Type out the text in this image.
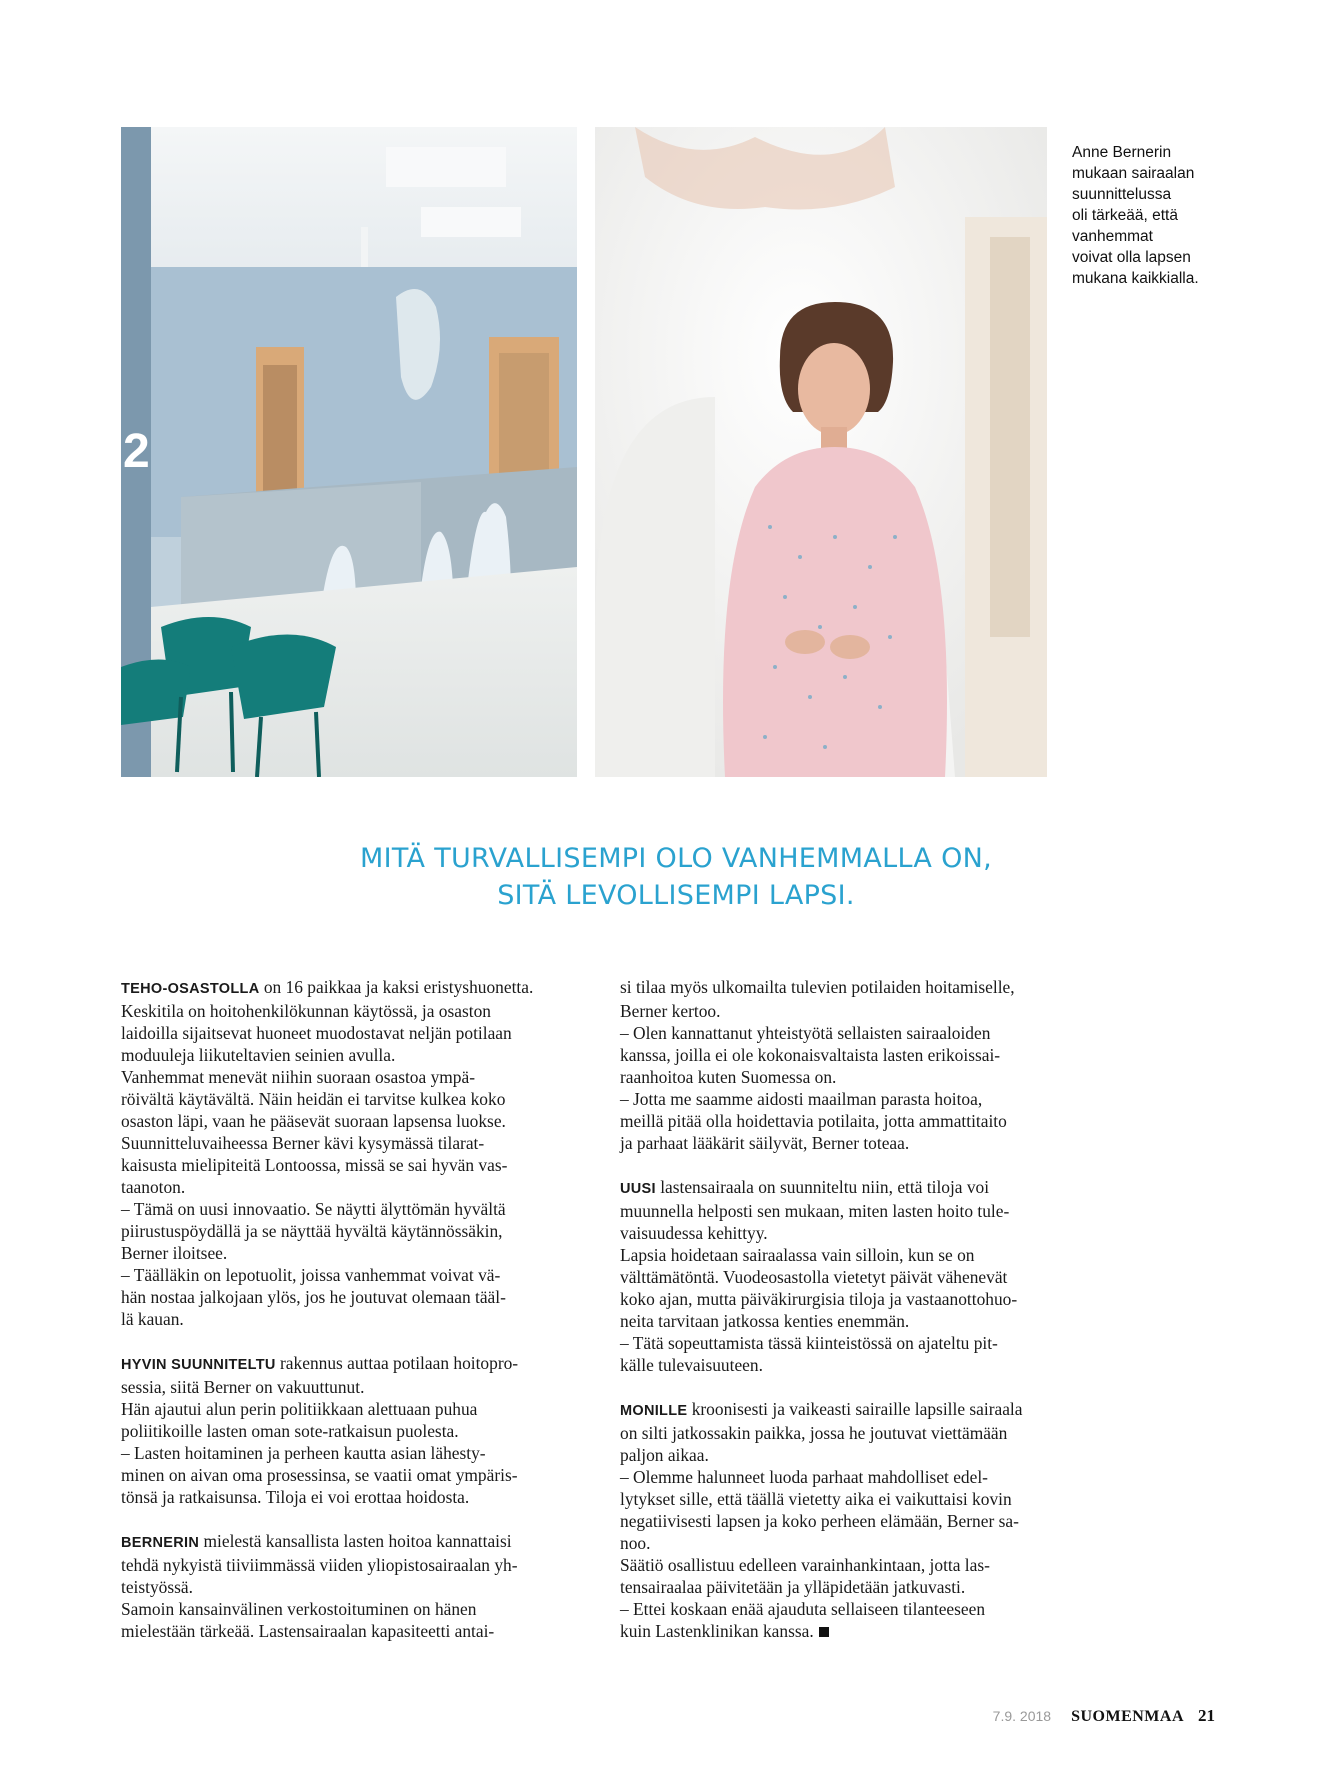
2
Anne Bernerin
mukaan sairaalan
suunnittelussa
oli tärkeää, että
vanhemmat
voivat olla lapsen
mukana kaikkialla.
MITÄ TURVALLISEMPI OLO VANHEMMALLA ON,
SITÄ LEVOLLISEMPI LAPSI.

TEHO-OSASTOLLA on 16 paikkaa ja kaksi eristyshuonetta.
Keskitila on hoitohenkilökunnan käytössä, ja osaston
laidoilla sijaitsevat huoneet muodostavat neljän potilaan
moduuleja liikuteltavien seinien avulla.
Vanhemmat menevät niihin suoraan osastoa ympä-
röivältä käytävältä. Näin heidän ei tarvitse kulkea koko
osaston läpi, vaan he pääsevät suoraan lapsensa luokse.
Suunnitteluvaiheessa Berner kävi kysymässä tilarat-
kaisusta mielipiteitä Lontoossa, missä se sai hyvän vas-
taanoton.
– Tämä on uusi innovaatio. Se näytti älyttömän hyvältä
piirustuspöydällä ja se näyttää hyvältä käytännössäkin,
Berner iloitsee.
– Täälläkin on lepotuolit, joissa vanhemmat voivat vä-
hän nostaa jalkojaan ylös, jos he joutuvat olemaan tääl-
lä kauan.

HYVIN SUUNNITELTU rakennus auttaa potilaan hoitopro-
sessia, siitä Berner on vakuuttunut.
Hän ajautui alun perin politiikkaan alettuaan puhua
poliitikoille lasten oman sote-ratkaisun puolesta.
– Lasten hoitaminen ja perheen kautta asian lähesty-
minen on aivan oma prosessinsa, se vaatii omat ympäris-
tönsä ja ratkaisunsa. Tiloja ei voi erottaa hoidosta.

BERNERIN mielestä kansallista lasten hoitoa kannattaisi
tehdä nykyistä tiiviimmässä viiden yliopistosairaalan yh-
teistyössä.
Samoin kansainvälinen verkostoituminen on hänen
mielestään tärkeää. Lastensairaalan kapasiteetti antai-

si tilaa myös ulkomailta tulevien potilaiden hoitamiselle,
Berner kertoo.
– Olen kannattanut yhteistyötä sellaisten sairaaloiden
kanssa, joilla ei ole kokonaisvaltaista lasten erikoissai-
raanhoitoa kuten Suomessa on.
– Jotta me saamme aidosti maailman parasta hoitoa,
meillä pitää olla hoidettavia potilaita, jotta ammattitaito
ja parhaat lääkärit säilyvät, Berner toteaa.

UUSI lastensairaala on suunniteltu niin, että tiloja voi
muunnella helposti sen mukaan, miten lasten hoito tule-
vaisuudessa kehittyy.
Lapsia hoidetaan sairaalassa vain silloin, kun se on
välttämätöntä. Vuodeosastolla vietetyt päivät vähenevät
koko ajan, mutta päiväkirurgisia tiloja ja vastaanottohuo-
neita tarvitaan jatkossa kenties enemmän.
– Tätä sopeuttamista tässä kiinteistössä on ajateltu pit-
källe tulevaisuuteen.

MONILLE kroonisesti ja vaikeasti sairaille lapsille sairaala
on silti jatkossakin paikka, jossa he joutuvat viettämään
paljon aikaa.
– Olemme halunneet luoda parhaat mahdolliset edel-
lytykset sille, että täällä vietetty aika ei vaikuttaisi kovin
negatiivisesti lapsen ja koko perheen elämään, Berner sa-
noo.
Säätiö osallistuu edelleen varainhankintaan, jotta las-
tensairaalaa päivitetään ja ylläpidetään jatkuvasti.
– Ettei koskaan enää ajauduta sellaiseen tilanteeseen
kuin Lastenklinikan kanssa.

7.9. 2018 SUOMENMAA 21
